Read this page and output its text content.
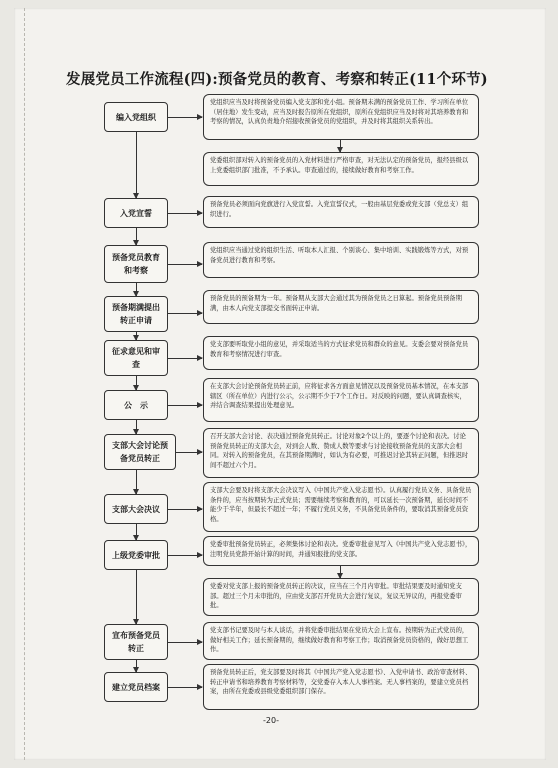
发展党员工作流程(四):预备党员的教育、考察和转正(11个环节)
编入党组织
入党宣誓
预备党员教育和考察
预备期满提出转正申请
征求意见和审查
公　示
支部大会讨论预备党员转正
支部大会决议
上级党委审批
宣布预备党员转正
建立党员档案
党组织应当及时将预备党员编入党支部和党小组。预备期未满的预备党员工作、学习所在单位（居住地）发生变动，应当及时报告原所在党组织，原所在党组织应当及时将对其培养教育和考察的情况，认真负责地介绍接收预备党员的党组织，并及时将其组织关系转出。
党委组织部对转入的预备党员的入党材料进行严格审查，对无法认定的预备党员，报经县级以上党委组织部门批准，不予承认。审查通过的，接续做好教育和考察工作。
预备党员必须面向党旗进行入党宣誓。入党宣誓仪式，一般由基层党委或党支部（党总支）组织进行。
党组织应当通过党的组织生活、听取本人汇报、个别谈心、集中培训、实践锻炼等方式，对预备党员进行教育和考察。
预备党员的预备期为一年。预备期从支部大会通过其为预备党员之日算起。预备党员预备期满，由本人向党支部提交书面转正申请。
党支部要听取党小组的意见，并采取适当的方式征求党员和群众的意见。支委会要对预备党员教育和考察情况进行审查。
在支部大会讨论预备党员转正前，应将征求各方面意见情况以及预备党员基本情况，在本支部辖区（所在单位）内进行公示，公示期不少于7个工作日。对反映的问题，要认真调查核实，并结合调查结果提出处理意见。
召开支部大会讨论、表决通过预备党员转正。讨论对象2个以上的，要逐个讨论和表决。讨论预备党员转正的支部大会，对到会人数、赞成人数等要求与讨论接收预备党员的支部大会相同。对转入的预备党员，在其预备期满时，如认为有必要，可推迟讨论其转正问题，但推迟时间不超过六个月。
支部大会要及时将支部大会决议写入《中国共产党入党志愿书》。认真履行党员义务、具备党员条件的，应当按期转为正式党员；需要继续考察和教育的，可以延长一次预备期，延长时间不能少于半年，但最长不超过一年；不履行党员义务，不具备党员条件的，要取消其预备党员资格。
党委审批预备党员转正，必须集体讨论和表决。党委审批意见写入《中国共产党入党志愿书》，注明党员党龄开始计算的时间，并通知报批的党支部。
党委对党支部上报的预备党员转正的决议，应当在三个月内审批。审批结果要及时通知党支部。超过三个月未审批的，应由党支部召开党员大会进行复议，复议无异议的，再报党委审批。
党支部书记要及时与本人谈话，并将党委审批结果在党员大会上宣布。按期转为正式党员的，做好相关工作；延长预备期的，继续做好教育和考察工作；取消预备党员资格的，做好思想工作。
预备党员转正后，党支部要及时将其《中国共产党入党志愿书》、入党申请书、政治审查材料、转正申请书和培养教育考察材料等，交党委存入本人人事档案。无人事档案的，要建立党员档案，由所在党委或县级党委组织部门保存。
-20-
